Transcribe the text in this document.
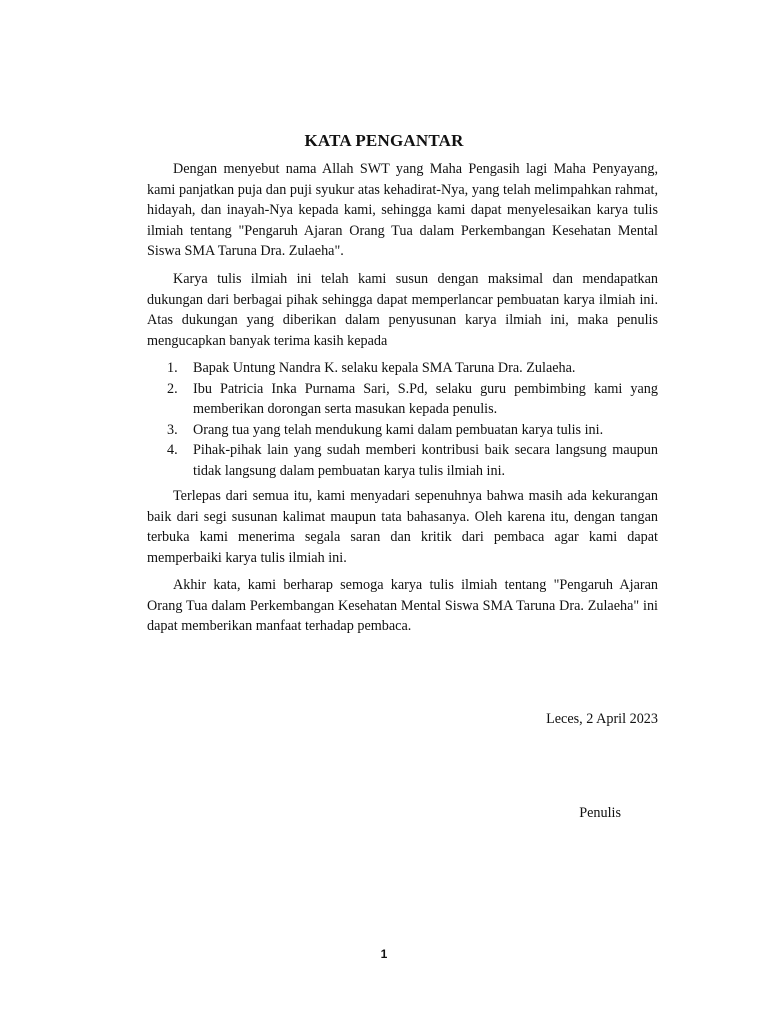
KATA PENGANTAR

Dengan menyebut nama Allah SWT yang Maha Pengasih lagi Maha Penyayang, kami panjatkan puja dan puji syukur atas kehadirat-Nya, yang telah melimpahkan rahmat, hidayah, dan inayah-Nya kepada kami, sehingga kami dapat menyelesaikan karya tulis ilmiah tentang "Pengaruh Ajaran Orang Tua dalam Perkembangan Kesehatan Mental Siswa SMA Taruna Dra. Zulaeha".

Karya tulis ilmiah ini telah kami susun dengan maksimal dan mendapatkan dukungan dari berbagai pihak sehingga dapat memperlancar pembuatan karya ilmiah ini. Atas dukungan yang diberikan dalam penyusunan karya ilmiah ini, maka penulis mengucapkan banyak terima kasih kepada

1. Bapak Untung Nandra K. selaku kepala SMA Taruna Dra. Zulaeha.
2. Ibu Patricia Inka Purnama Sari, S.Pd, selaku guru pembimbing kami yang memberikan dorongan serta masukan kepada penulis.
3. Orang tua yang telah mendukung kami dalam pembuatan karya tulis ini.
4. Pihak-pihak lain yang sudah memberi kontribusi baik secara langsung maupun tidak langsung dalam pembuatan karya tulis ilmiah ini.

Terlepas dari semua itu, kami menyadari sepenuhnya bahwa masih ada kekurangan baik dari segi susunan kalimat maupun tata bahasanya. Oleh karena itu, dengan tangan terbuka kami menerima segala saran dan kritik dari pembaca agar kami dapat memperbaiki karya tulis ilmiah ini.

Akhir kata, kami berharap semoga karya tulis ilmiah tentang "Pengaruh Ajaran Orang Tua dalam Perkembangan Kesehatan Mental Siswa SMA Taruna Dra. Zulaeha" ini dapat memberikan manfaat terhadap pembaca.

Leces, 2 April 2023
Penulis
1
